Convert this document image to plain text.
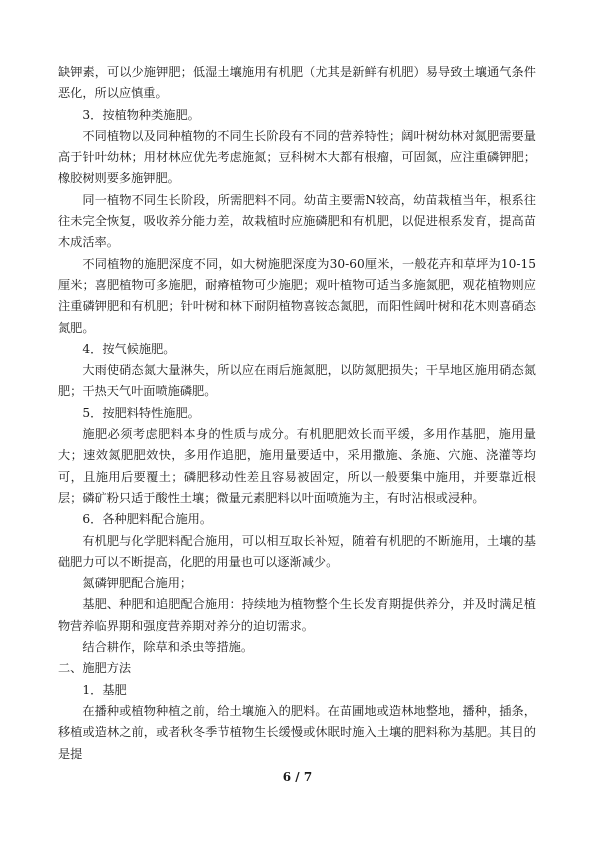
缺钾素，可以少施钾肥；低湿土壤施用有机肥（尤其是新鲜有机肥）易导致土壤通气条件恶化，所以应慎重。

3．按植物种类施肥。

不同植物以及同种植物的不同生长阶段有不同的营养特性；阔叶树幼林对氮肥需要量高于针叶幼林；用材林应优先考虑施氮；豆科树木大都有根瘤，可固氮，应注重磷钾肥；橡胶树则要多施钾肥。

同一植物不同生长阶段，所需肥料不同。幼苗主要需N较高，幼苗栽植当年，根系往往未完全恢复，吸收养分能力差，故栽植时应施磷肥和有机肥，以促进根系发育，提高苗木成活率。

不同植物的施肥深度不同，如大树施肥深度为30-60厘米，一般花卉和草坪为10-15厘米；喜肥植物可多施肥，耐瘠植物可少施肥；观叶植物可适当多施氮肥，观花植物则应注重磷钾肥和有机肥；针叶树和林下耐阴植物喜铵态氮肥，而阳性阔叶树和花木则喜硝态氮肥。

4．按气候施肥。

大雨使硝态氮大量淋失，所以应在雨后施氮肥，以防氮肥损失；干旱地区施用硝态氮肥；干热天气叶面喷施磷肥。

5．按肥料特性施肥。

施肥必须考虑肥料本身的性质与成分。有机肥肥效长而平缓，多用作基肥，施用量大；速效氮肥肥效快，多用作追肥，施用量要适中，采用撒施、条施、穴施、浇灌等均可，且施用后要覆土；磷肥移动性差且容易被固定，所以一般要集中施用，并要靠近根层；磷矿粉只适于酸性土壤；微量元素肥料以叶面喷施为主，有时沾根或浸种。

6．各种肥料配合施用。

有机肥与化学肥料配合施用，可以相互取长补短，随着有机肥的不断施用，土壤的基础肥力可以不断提高，化肥的用量也可以逐渐减少。

氮磷钾肥配合施用；

基肥、种肥和追肥配合施用：持续地为植物整个生长发育期提供养分，并及时满足植物营养临界期和强度营养期对养分的迫切需求。

结合耕作，除草和杀虫等措施。

二、施肥方法

1．基肥

在播种或植物种植之前，给土壤施入的肥料。在苗圃地或造林地整地，播种，插条，移植或造林之前，或者秋冬季节植物生长缓慢或休眠时施入土壤的肥料称为基肥。其目的是提

6 / 7
